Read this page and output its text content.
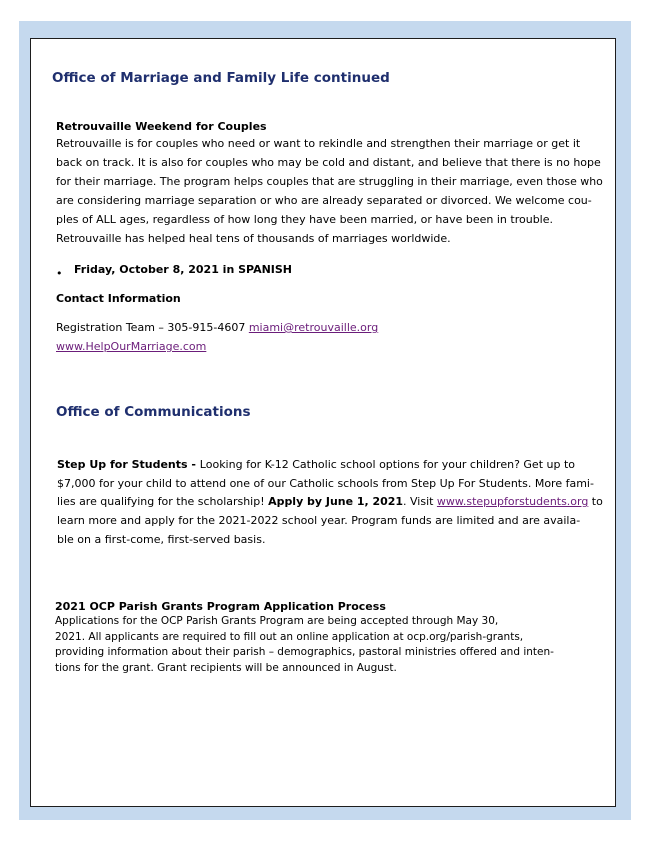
Office of Marriage and Family Life continued

Retrouvaille Weekend for Couples

Retrouvaille is for couples who need or want to rekindle and strengthen their marriage or get it

back on track. It is also for couples who may be cold and distant, and believe that there is no hope

for their marriage. The program helps couples that are struggling in their marriage, even those who

are considering marriage separation or who are already separated or divorced. We welcome cou-

ples of ALL ages, regardless of how long they have been married, or have been in trouble.

Retrouvaille has helped heal tens of thousands of marriages worldwide.

• Friday, October 8, 2021 in SPANISH

Contact Information

Registration Team – 305-915-4607 miami@retrouvaille.org

www.HelpOurMarriage.com

Office of Communications

Step Up for Students - Looking for K-12 Catholic school options for your children? Get up to

$7,000 for your child to attend one of our Catholic schools from Step Up For Students. More fami-

lies are qualifying for the scholarship! Apply by June 1, 2021. Visit www.stepupforstudents.org to

learn more and apply for the 2021-2022 school year. Program funds are limited and are availa-

ble on a first-come, first-served basis.

2021 OCP Parish Grants Program Application Process

Applications for the OCP Parish Grants Program are being accepted through May 30,
2021. All applicants are required to fill out an online application at ocp.org/parish-grants,
providing information about their parish – demographics, pastoral ministries offered and inten-
tions for the grant. Grant recipients will be announced in August.
